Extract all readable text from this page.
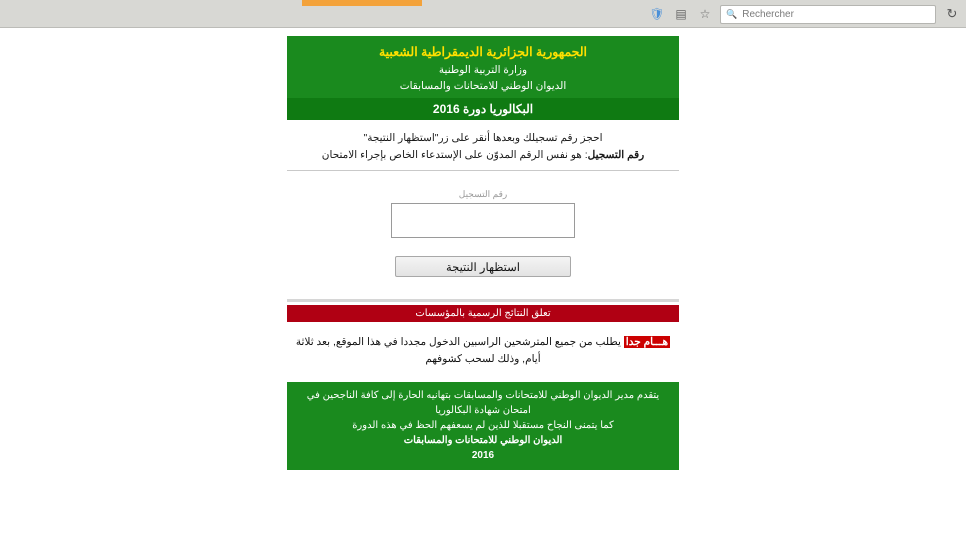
↻
🔍 Rechercher
☆
▤
🛡
الجمهورية الجزائرية الديمقراطية الشعبية
وزارة التربية الوطنية
الديوان الوطني للامتحانات والمسابقات
البكالوريا دورة 2016
احجز رقم تسجيلك وبعدها أنقر على زر"استظهار النتيجة"
رقم التسجيل: هو نفس الرقم المدوّن على الإستدعاء الخاص بإجراء الامتحان
رقم التسجيل
استظهار النتيجة
تعلق النتائج الرسمية بالمؤسسات
هـــام جدا يطلب من جميع المترشحين الراسبين الدخول مجددا في هذا الموقع, بعد ثلاثة أيام, وذلك لسحب كشوفهم
يتقدم مدير الديوان الوطني للامتحانات والمسابقات بتهانيه الحارة إلى كافة الناجحين في امتحان شهادة البكالوريا
كما يتمنى النجاح مستقبلا للذين لم يسعفهم الحظ في هذه الدورة
الديوان الوطني للامتحانات والمسابقات
2016
